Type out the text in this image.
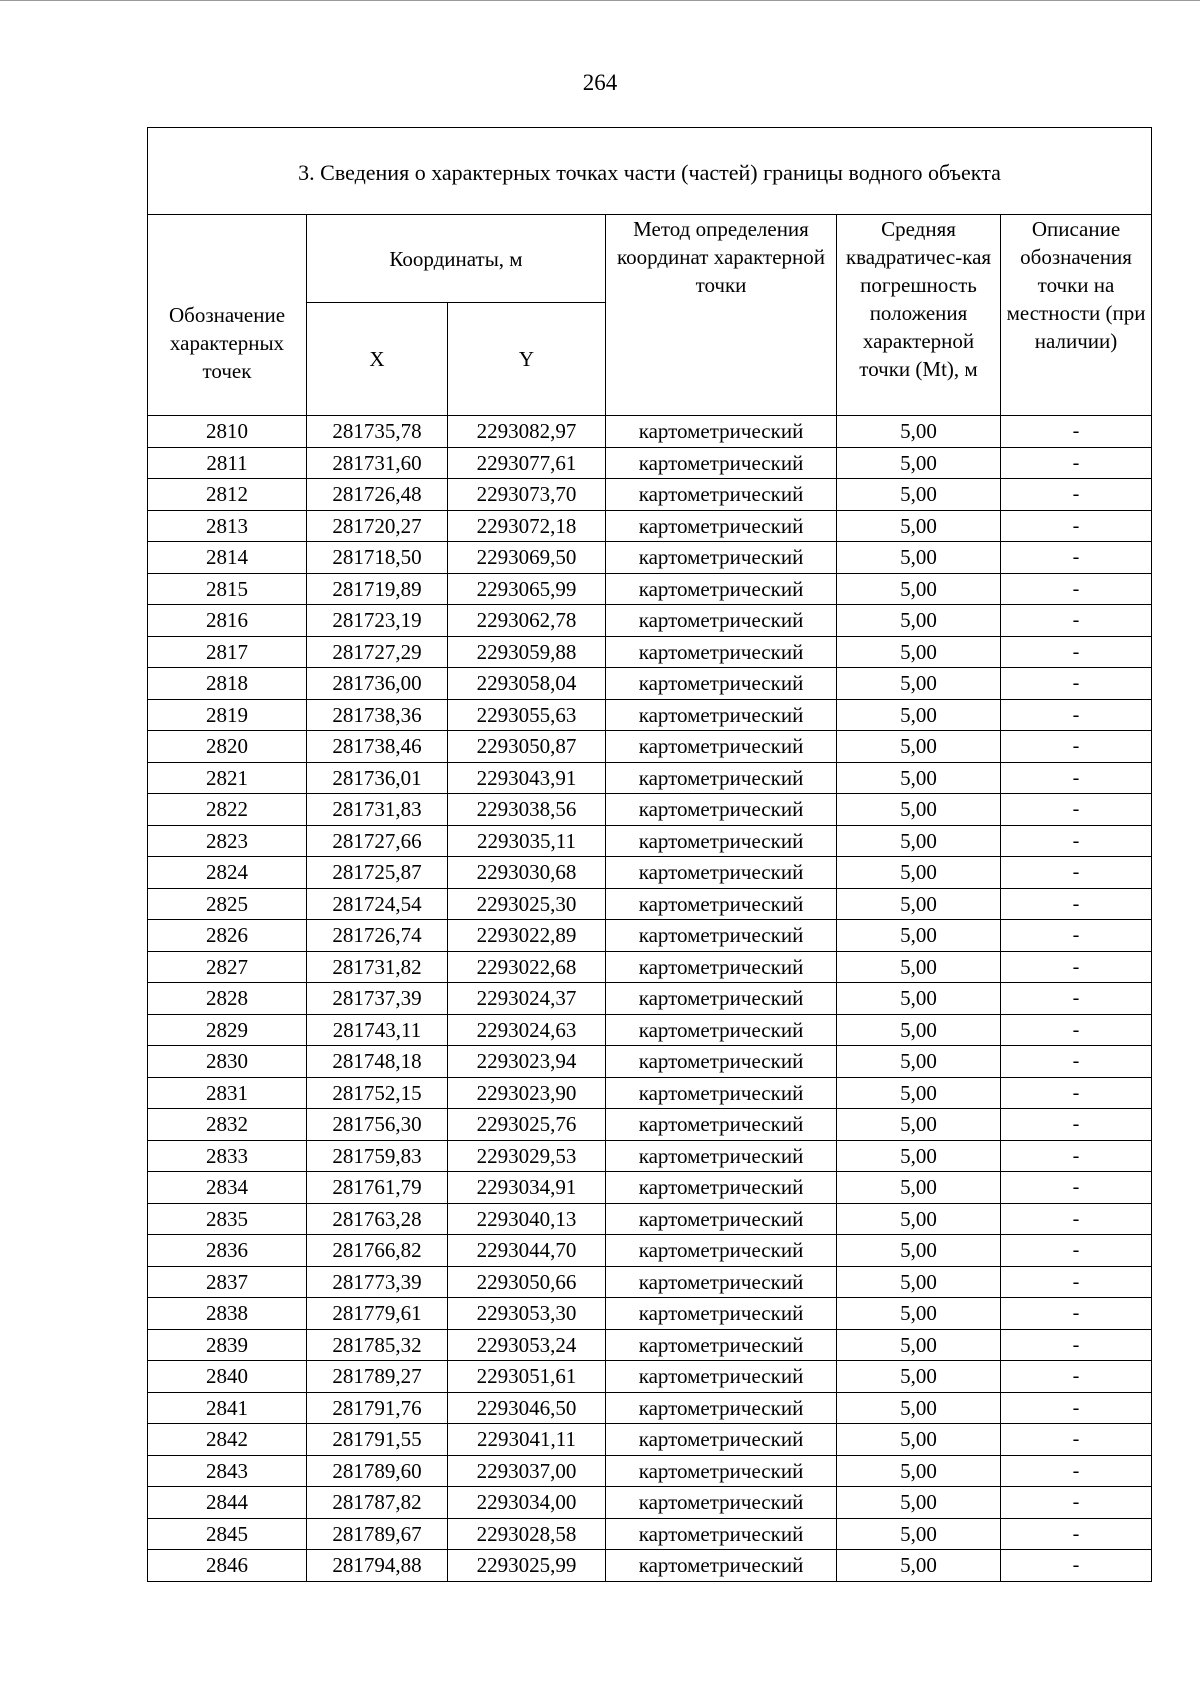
264
3. Сведения о характерных точках части (частей) границы водного объекта					
Обозначение характерных точек	Координаты, м		Метод определения координат характерной точки	Средняя квадратичес-кая погрешность положения характерной точки (Mt), м	Описание обозначения точки на местности (при наличии)
	X	Y			
2810	281735,78	2293082,97	картометрический	5,00	-
2811	281731,60	2293077,61	картометрический	5,00	-
2812	281726,48	2293073,70	картометрический	5,00	-
2813	281720,27	2293072,18	картометрический	5,00	-
2814	281718,50	2293069,50	картометрический	5,00	-
2815	281719,89	2293065,99	картометрический	5,00	-
2816	281723,19	2293062,78	картометрический	5,00	-
2817	281727,29	2293059,88	картометрический	5,00	-
2818	281736,00	2293058,04	картометрический	5,00	-
2819	281738,36	2293055,63	картометрический	5,00	-
2820	281738,46	2293050,87	картометрический	5,00	-
2821	281736,01	2293043,91	картометрический	5,00	-
2822	281731,83	2293038,56	картометрический	5,00	-
2823	281727,66	2293035,11	картометрический	5,00	-
2824	281725,87	2293030,68	картометрический	5,00	-
2825	281724,54	2293025,30	картометрический	5,00	-
2826	281726,74	2293022,89	картометрический	5,00	-
2827	281731,82	2293022,68	картометрический	5,00	-
2828	281737,39	2293024,37	картометрический	5,00	-
2829	281743,11	2293024,63	картометрический	5,00	-
2830	281748,18	2293023,94	картометрический	5,00	-
2831	281752,15	2293023,90	картометрический	5,00	-
2832	281756,30	2293025,76	картометрический	5,00	-
2833	281759,83	2293029,53	картометрический	5,00	-
2834	281761,79	2293034,91	картометрический	5,00	-
2835	281763,28	2293040,13	картометрический	5,00	-
2836	281766,82	2293044,70	картометрический	5,00	-
2837	281773,39	2293050,66	картометрический	5,00	-
2838	281779,61	2293053,30	картометрический	5,00	-
2839	281785,32	2293053,24	картометрический	5,00	-
2840	281789,27	2293051,61	картометрический	5,00	-
2841	281791,76	2293046,50	картометрический	5,00	-
2842	281791,55	2293041,11	картометрический	5,00	-
2843	281789,60	2293037,00	картометрический	5,00	-
2844	281787,82	2293034,00	картометрический	5,00	-
2845	281789,67	2293028,58	картометрический	5,00	-
2846	281794,88	2293025,99	картометрический	5,00	-
